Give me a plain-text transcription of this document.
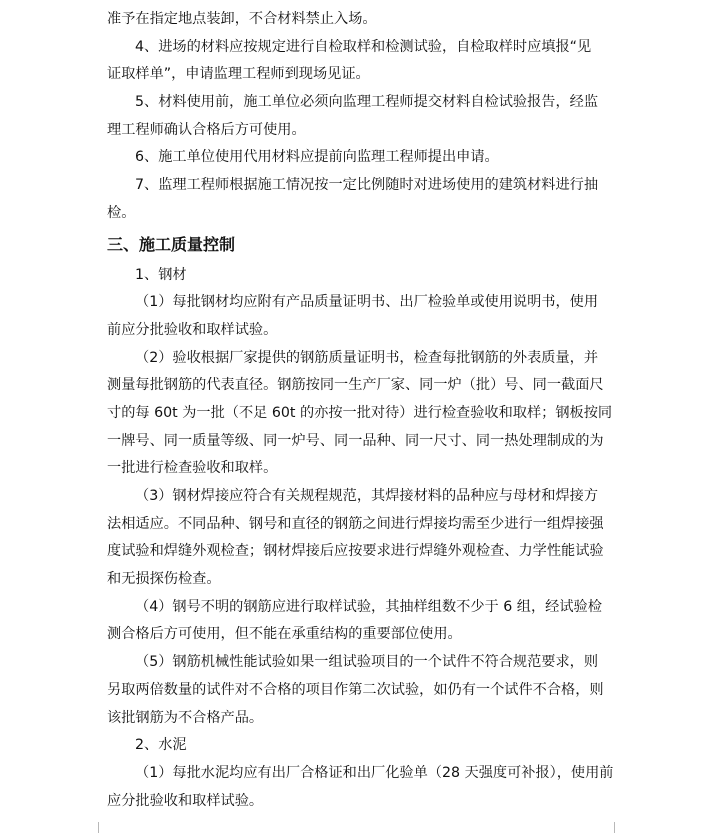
准予在指定地点装卸，不合材料禁止入场。
4、进场的材料应按规定进行自检取样和检测试验，自检取样时应填报“见
证取样单”，申请监理工程师到现场见证。
5、材料使用前，施工单位必须向监理工程师提交材料自检试验报告，经监
理工程师确认合格后方可使用。
6、施工单位使用代用材料应提前向监理工程师提出申请。
7、监理工程师根据施工情况按一定比例随时对进场使用的建筑材料进行抽
检。
三、施工质量控制
1、钢材
（1）每批钢材均应附有产品质量证明书、出厂检验单或使用说明书，使用
前应分批验收和取样试验。
（2）验收根据厂家提供的钢筋质量证明书，检查每批钢筋的外表质量，并
测量每批钢筋的代表直径。钢筋按同一生产厂家、同一炉（批）号、同一截面尺
寸的每 60t 为一批（不足 60t 的亦按一批对待）进行检查验收和取样；钢板按同
一牌号、同一质量等级、同一炉号、同一品种、同一尺寸、同一热处理制成的为
一批进行检查验收和取样。
（3）钢材焊接应符合有关规程规范，其焊接材料的品种应与母材和焊接方
法相适应。不同品种、钢号和直径的钢筋之间进行焊接均需至少进行一组焊接强
度试验和焊缝外观检查；钢材焊接后应按要求进行焊缝外观检查、力学性能试验
和无损探伤检查。
（4）钢号不明的钢筋应进行取样试验，其抽样组数不少于 6 组，经试验检
测合格后方可使用，但不能在承重结构的重要部位使用。
（5）钢筋机械性能试验如果一组试验项目的一个试件不符合规范要求，则
另取两倍数量的试件对不合格的项目作第二次试验，如仍有一个试件不合格，则
该批钢筋为不合格产品。
2、水泥
（1）每批水泥均应有出厂合格证和出厂化验单（28 天强度可补报），使用前
应分批验收和取样试验。
